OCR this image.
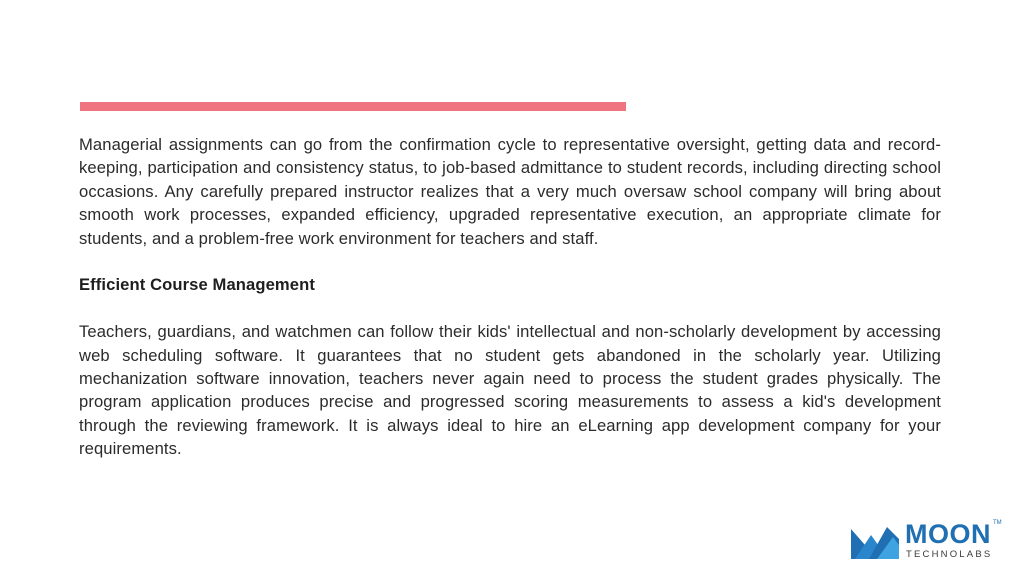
Managerial assignments can go from the confirmation cycle to representative oversight, getting data and record-keeping, participation and consistency status, to job-based admittance to student records, including directing school occasions. Any carefully prepared instructor realizes that a very much oversaw school company will bring about smooth work processes, expanded efficiency, upgraded representative execution, an appropriate climate for students, and a problem-free work environment for teachers and staff.

Efficient Course Management

Teachers, guardians, and watchmen can follow their kids' intellectual and non-scholarly development by accessing web scheduling software. It guarantees that no student gets abandoned in the scholarly year. Utilizing mechanization software innovation, teachers never again need to process the student grades physically. The program application produces precise and progressed scoring measurements to assess a kid's development through the reviewing framework. It is always ideal to hire an eLearning app development company for your requirements.

MOON TM
TECHNOLABS
